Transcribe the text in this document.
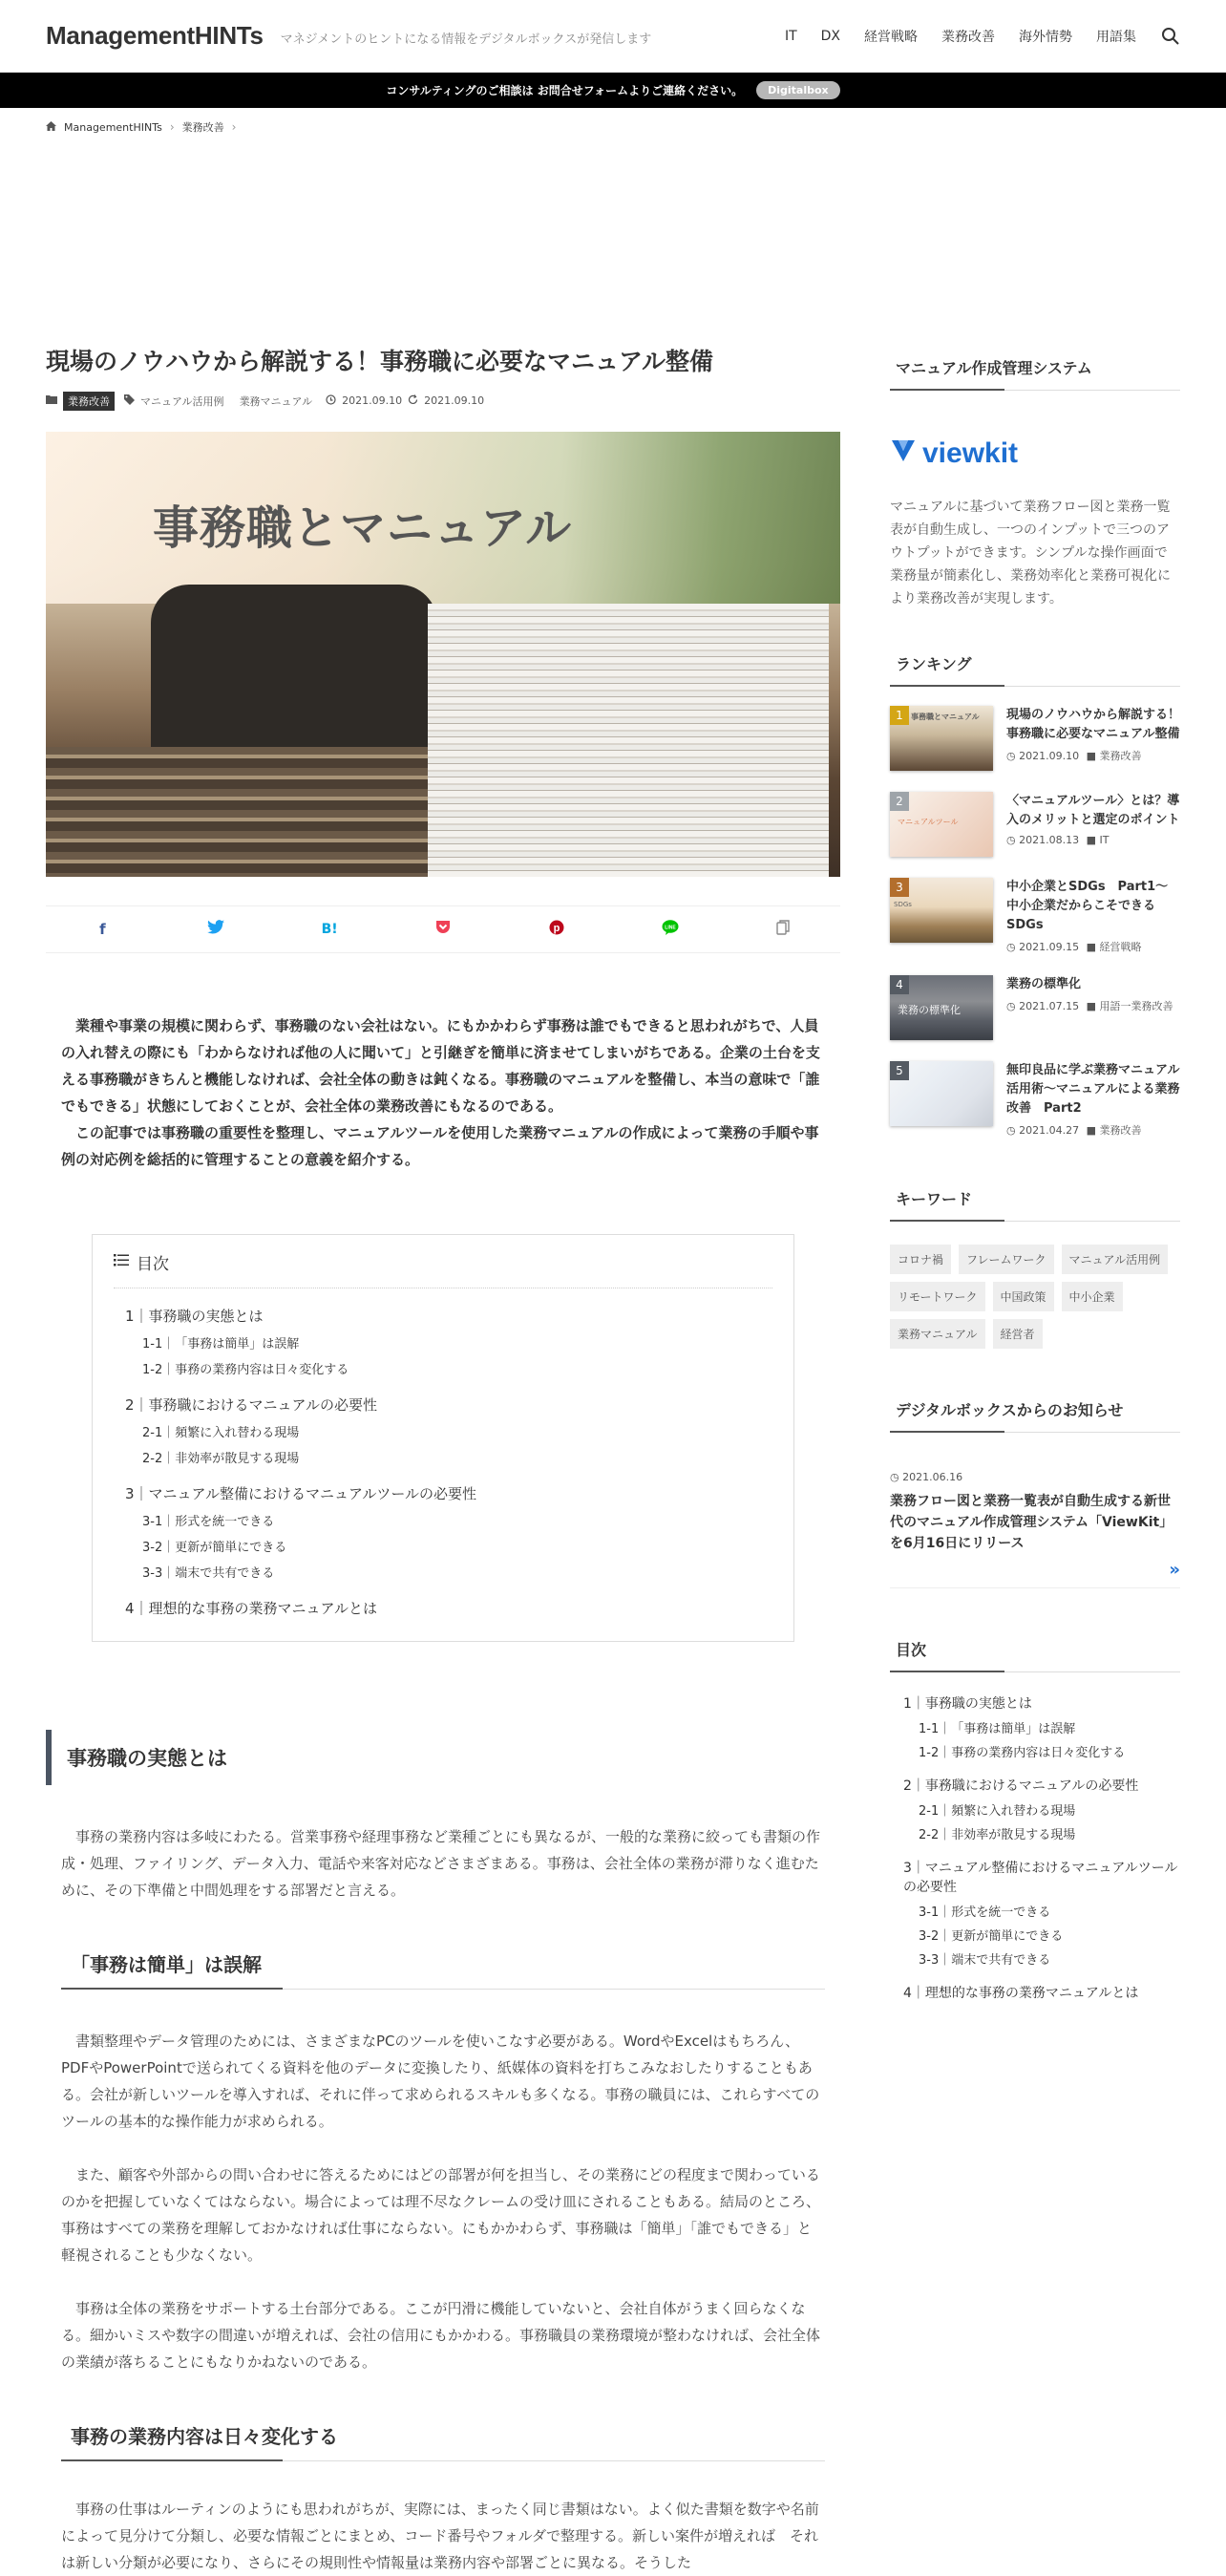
ManagementHINTs マネジメントのヒントになる情報をデジタルボックスが発信します	IT DX 経営戦略 業務改善 海外情勢 用語集
コンサルティングのご相談は お問合せフォームよりご連絡ください。	Digitalbox
ManagementHINTs › 業務改善 ›
現場のノウハウから解説する！事務職に必要なマニュアル整備
業務改善	マニュアル活用例 業務マニュアル	2021.09.10 2021.09.10
事務職とマニュアル
f	B!	p	LINE

業種や事業の規模に関わらず、事務職のない会社はない。にもかかわらず事務は誰でもできると思われがちで、人員の入れ替えの際にも「わからなければ他の人に聞いて」と引継ぎを簡単に済ませてしまいがちである。企業の土台を支える事務職がきちんと機能しなければ、会社全体の動きは鈍くなる。事務職のマニュアルを整備し、本当の意味で「誰でもできる」状態にしておくことが、会社全体の業務改善にもなるのである。

この記事では事務職の重要性を整理し、マニュアルツールを使用した業務マニュアルの作成によって業務の手順や事例の対応例を総括的に管理することの意義を紹介する。

目次
1｜事務職の実態とは
1-1｜「事務は簡単」は誤解
1-2｜事務の業務内容は日々変化する
2｜事務職におけるマニュアルの必要性
2-1｜頻繁に入れ替わる現場
2-2｜非効率が散見する現場
3｜マニュアル整備におけるマニュアルツールの必要性
3-1｜形式を統一できる
3-2｜更新が簡単にできる
3-3｜端末で共有できる
4｜理想的な事務の業務マニュアルとは
事務職の実態とは

事務の業務内容は多岐にわたる。営業事務や経理事務など業種ごとにも異なるが、一般的な業務に絞っても書類の作成・処理、ファイリング、データ入力、電話や来客対応などさまざまある。事務は、会社全体の業務が滞りなく進むために、その下準備と中間処理をする部署だと言える。

「事務は簡単」は誤解

書類整理やデータ管理のためには、さまざまなPCのツールを使いこなす必要がある。WordやExcelはもちろん、PDFやPowerPointで送られてくる資料を他のデータに変換したり、紙媒体の資料を打ちこみなおしたりすることもある。会社が新しいツールを導入すれば、それに伴って求められるスキルも多くなる。事務の職員には、これらすべてのツールの基本的な操作能力が求められる。

また、顧客や外部からの問い合わせに答えるためにはどの部署が何を担当し、その業務にどの程度まで関わっているのかを把握していなくてはならない。場合によっては理不尽なクレームの受け皿にされることもある。結局のところ、事務はすべての業務を理解しておかなければ仕事にならない。にもかかわらず、事務職は「簡単」「誰でもできる」と軽視されることも少なくない。

事務は全体の業務をサポートする土台部分である。ここが円滑に機能していないと、会社自体がうまく回らなくなる。細かいミスや数字の間違いが増えれば、会社の信用にもかかわる。事務職員の業務環境が整わなければ、会社全体の業績が落ちることにもなりかねないのである。

事務の業務内容は日々変化する

事務の仕事はルーティンのようにも思われがちが、実際には、まったく同じ書類はない。よく似た書類を数字や名前によって見分けて分類し、必要な情報ごとにまとめ、コード番号やフォルダで整理する。新しい案件が増えれば　それは新しい分類が必要になり、さらにその規則性や情報量は業務内容や部署ごとに異なる。そうした

マニュアル作成管理システム
viewkit

マニュアルに基づいて業務フロー図と業務一覧表が自動生成し、一つのインプットで三つのアウトプットができます。シンプルな操作画面で業務量が簡素化し、業務効率化と業務可視化により業務改善が実現します。

ランキング
事務職とマニュアル
1	現場のノウハウから解説する！事務職に必要なマニュアル整備
◷ 2021.09.10 ■ 業務改善
マニュアルツール
2	〈マニュアルツール〉とは？導入のメリットと選定のポイント
◷ 2021.08.13 ■ IT
SDGs
3	中小企業とSDGs　Part1～中小企業だからこそできるSDGs
◷ 2021.09.15 ■ 経営戦略
業務の標準化
4	業務の標準化
◷ 2021.07.15 ■ 用語一業務改善
5	無印良品に学ぶ業務マニュアル活用術～マニュアルによる業務改善　Part2
◷ 2021.04.27 ■ 業務改善
キーワード
コロナ禍	フレームワーク	マニュアル活用例
リモートワーク	中国政策	中小企業
業務マニュアル	経営者
デジタルボックスからのお知らせ
◷ 2021.06.16
業務フロー図と業務一覧表が自動生成する新世代のマニュアル作成管理システム「ViewKit」を6月16日にリリース
»
目次
1｜事務職の実態とは
1-1｜「事務は簡単」は誤解
1-2｜事務の業務内容は日々変化する
2｜事務職におけるマニュアルの必要性
2-1｜頻繁に入れ替わる現場
2-2｜非効率が散見する現場
3｜マニュアル整備におけるマニュアルツールの必要性
3-1｜形式を統一できる
3-2｜更新が簡単にできる
3-3｜端末で共有できる
4｜理想的な事務の業務マニュアルとは
